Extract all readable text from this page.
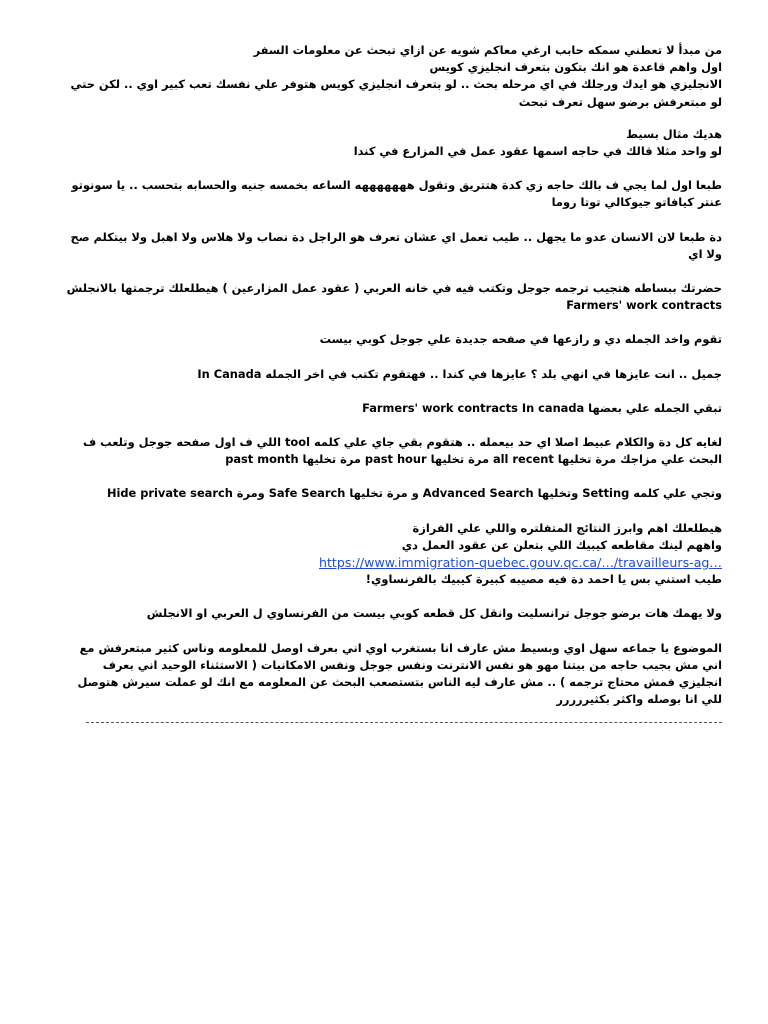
من مبدأ لا تعطني سمكه حابب ارغي معاكم شويه عن ازاي تبحث عن معلومات السفر
اول واهم قاعدة هو انك بتكون بتعرف انجليزي كويس
الانجليزي هو ايدك ورجلك في اي مرحله بحث .. لو بتعرف انجليزي كويس هتوفر علي نفسك تعب كبير اوي .. لكن حتي لو مبتعرفش برضو سهل تعرف تبحث
هديك مثال بسيط
لو واحد مثلا قالك في حاجه اسمها عقود عمل في المزارع في كندا
طبعا اول لما يجي ف بالك حاجه زي كدة هتتريق وتقول هههههههه الساعه بخمسه جنيه والحسابه بتحسب .. يا سونوتو عنتر كيافاتو جيوكالي توتا روما
دة طبعا لان الانسان عدو ما يجهل .. طيب تعمل اي عشان تعرف هو الراجل دة نصاب ولا هلاس ولا اهبل ولا بيتكلم صح ولا اي
حضرتك ببساطه هتجيب ترجمه جوجل وتكتب فيه في خانه العربي ( عقود عمل المزارعين ) هيطلعلك ترجمتها بالانجلش Farmers' work contracts
تقوم واخد الجمله دي و رازعها في صفحه جديدة علي جوجل كوبي بيست
جميل .. انت عايزها في انهي بلد ؟ عايزها في كندا .. فهتقوم تكتب في اخر الجمله In Canada
تبقي الجمله علي بعضها Farmers' work contracts In canada
لغايه كل دة والكلام عبيط اصلا اي حد بيعمله .. هتقوم بقي جاي علي كلمه tool اللي ف اول صفحه جوجل وتلعب ف البحث علي مزاجك مرة تخليها all recent مرة تخليها past hour مرة تخليها past month
وتجي علي كلمه Setting وتخليها Advanced Search و مرة تخليها Safe Search ومرة Hide private search
هيطلعلك اهم وابرز النتائج المتفلتره واللي علي الفرازة
واههم لينك مقاطعه كيبيك اللي بتعلن عن عقود العمل دي
https://www.immigration-quebec.gouv.qc.ca/…/travailleurs-ag…
طيب استني بس يا احمد دة فيه مصيبه كبيرة كيبيك بالفرنساوي!
ولا يهمك هات برضو جوجل ترانسليت وانقل كل قطعه كوبي بيست من الفرنساوي ل العربي او الانجلش
الموضوع يا جماعه سهل اوي وبسيط مش عارف انا بستغرب اوي اني بعرف اوصل للمعلومه وناس كثير مبتعرفش مع اني مش بجيب حاجه من بيتنا مهو هو نفس الانترنت ونفس جوجل ونفس الامكانيات ( الاستثناء الوحيد اني بعرف انجليزي فمش محتاج ترجمه ) .. مش عارف ليه الناس بتستصعب البحث عن المعلومه مع انك لو عملت سيرش هتوصل للي انا بوصله واكثر بكثيررررر
